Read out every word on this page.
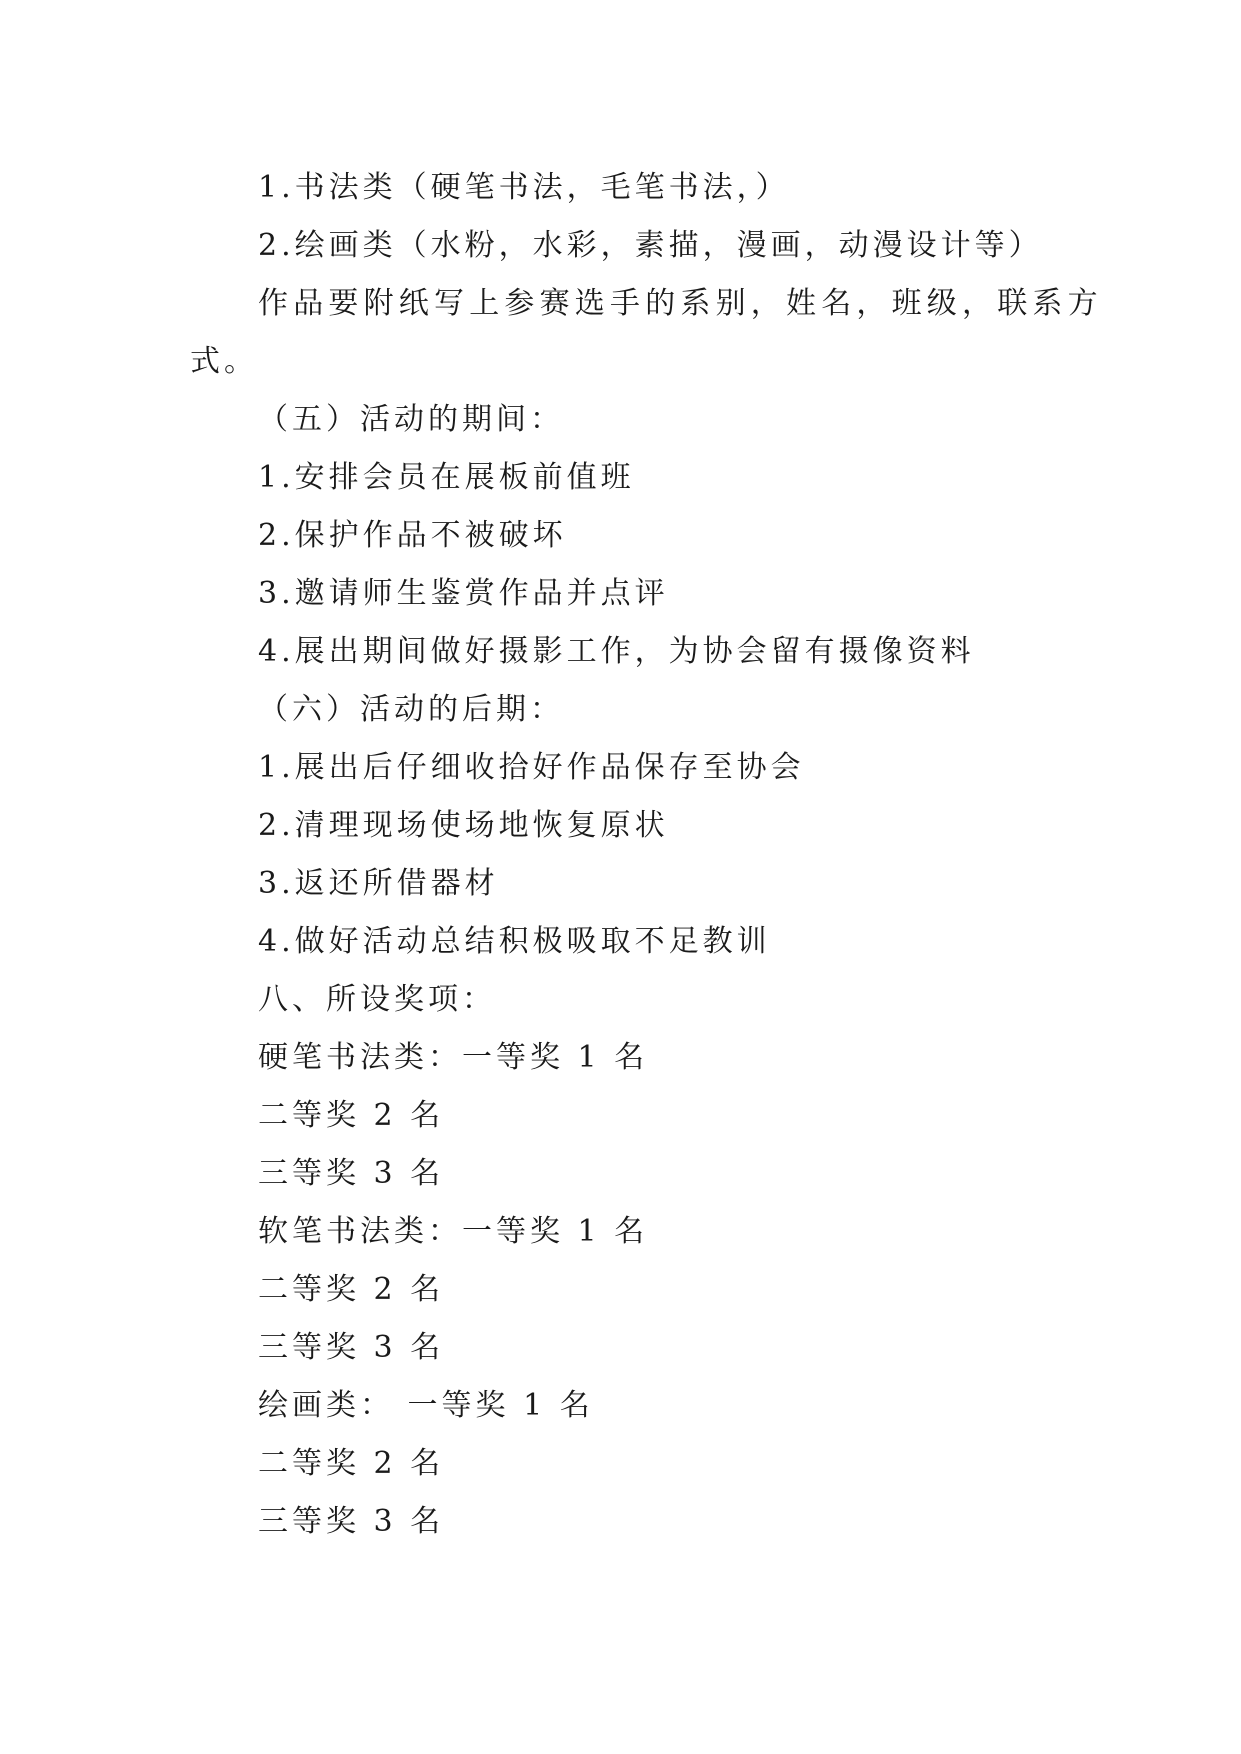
1.书法类（硬笔书法，毛笔书法，）
2.绘画类（水粉，水彩，素描，漫画，动漫设计等）
作品要附纸写上参赛选手的系别，姓名，班级，联系方
式。
（五）活动的期间：
1.安排会员在展板前值班
2.保护作品不被破坏
3.邀请师生鉴赏作品并点评
4.展出期间做好摄影工作，为协会留有摄像资料
（六）活动的后期：
1.展出后仔细收拾好作品保存至协会
2.清理现场使场地恢复原状
3.返还所借器材
4.做好活动总结积极吸取不足教训
八、所设奖项：
硬笔书法类：一等奖 1 名
二等奖 2 名
三等奖 3 名
软笔书法类：一等奖 1 名
二等奖 2 名
三等奖 3 名
绘画类： 一等奖 1 名
二等奖 2 名
三等奖 3 名
